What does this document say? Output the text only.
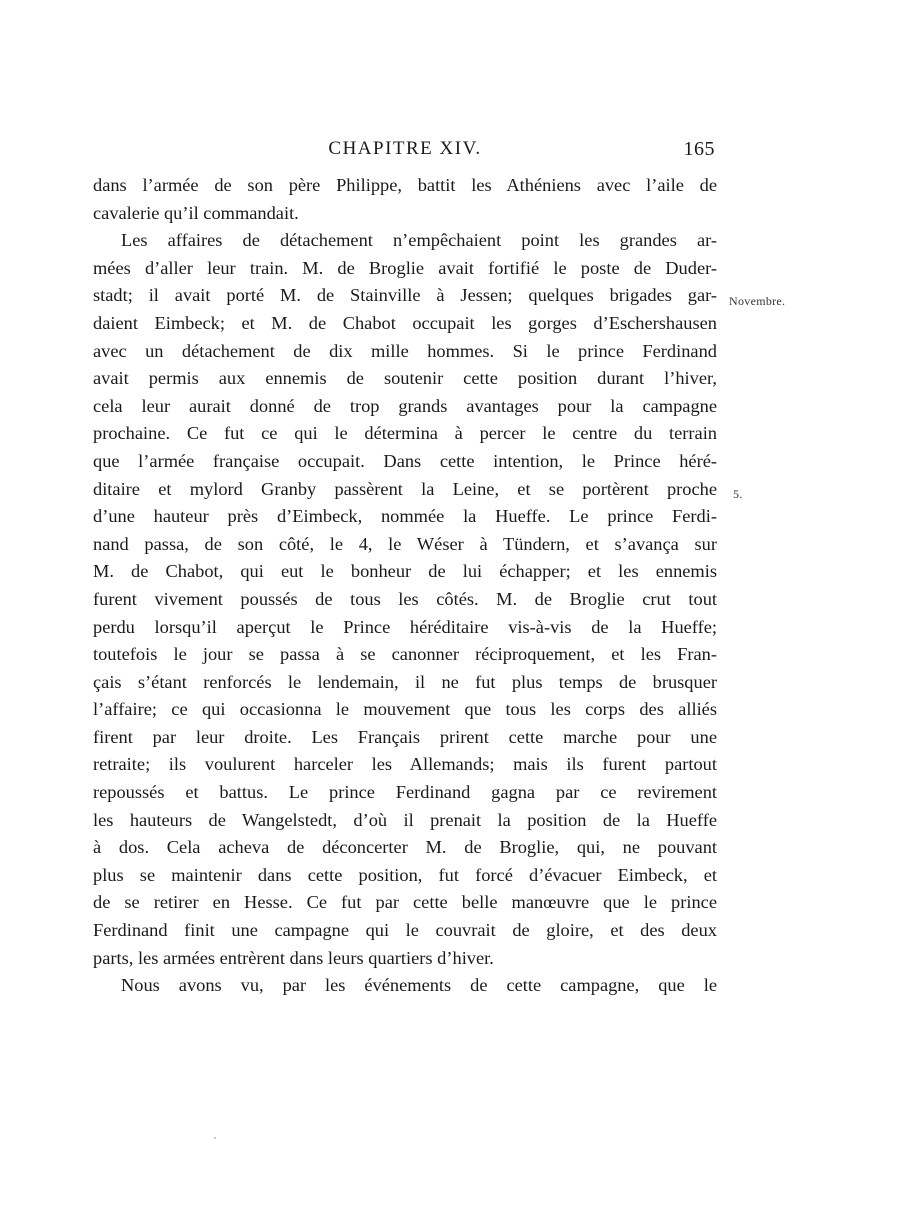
CHAPITRE XIV.	165
dans l’armée de son père Philippe, battit les Athéniens avec l’aile de
cavalerie qu’il commandait.
Les affaires de détachement n’empêchaient point les grandes ar-
mées d’aller leur train. M. de Broglie avait fortifié le poste de Duder-
stadt; il avait porté M. de Stainville à Jessen; quelques brigades gar-
daient Eimbeck; et M. de Chabot occupait les gorges d’Eschershausen
avec un détachement de dix mille hommes. Si le prince Ferdinand
avait permis aux ennemis de soutenir cette position durant l’hiver,
cela leur aurait donné de trop grands avantages pour la campagne
prochaine. Ce fut ce qui le détermina à percer le centre du terrain
que l’armée française occupait. Dans cette intention, le Prince héré-
ditaire et mylord Granby passèrent la Leine, et se portèrent proche
d’une hauteur près d’Eimbeck, nommée la Hueffe. Le prince Ferdi-
nand passa, de son côté, le 4, le Wéser à Tündern, et s’avança sur
M. de Chabot, qui eut le bonheur de lui échapper; et les ennemis
furent vivement poussés de tous les côtés. M. de Broglie crut tout
perdu lorsqu’il aperçut le Prince héréditaire vis-à-vis de la Hueffe;
toutefois le jour se passa à se canonner réciproquement, et les Fran-
çais s’étant renforcés le lendemain, il ne fut plus temps de brusquer
l’affaire; ce qui occasionna le mouvement que tous les corps des alliés
firent par leur droite. Les Français prirent cette marche pour une
retraite; ils voulurent harceler les Allemands; mais ils furent partout
repoussés et battus. Le prince Ferdinand gagna par ce revirement
les hauteurs de Wangelstedt, d’où il prenait la position de la Hueffe
à dos. Cela acheva de déconcerter M. de Broglie, qui, ne pouvant
plus se maintenir dans cette position, fut forcé d’évacuer Eimbeck, et
de se retirer en Hesse. Ce fut par cette belle manœuvre que le prince
Ferdinand finit une campagne qui le couvrait de gloire, et des deux
parts, les armées entrèrent dans leurs quartiers d’hiver.
Nous avons vu, par les événements de cette campagne, que le
Novembre.
5.
